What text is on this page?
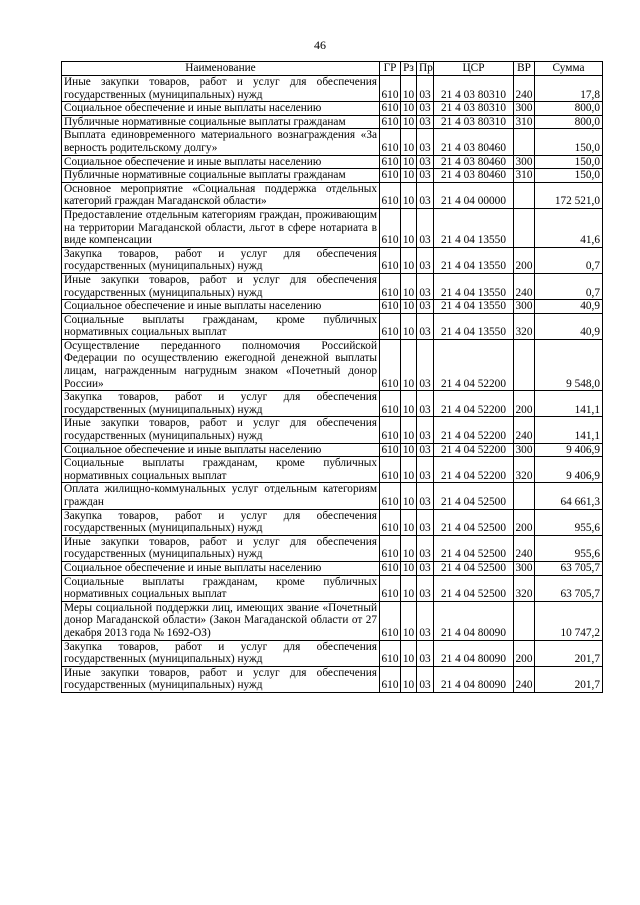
46
Наименование	ГР	Рз	Пр	ЦСР	ВР	Сумма
Иные закупки товаров, работ и услуг для обеспечения государственных (муниципальных) нужд	610	10	03	21 4 03 80310	240	17,8
Социальное обеспечение и иные выплаты населению	610	10	03	21 4 03 80310	300	800,0
Публичные нормативные социальные выплаты гражданам	610	10	03	21 4 03 80310	310	800,0
Выплата единовременного материального вознаграждения «За верность родительскому долгу»	610	10	03	21 4 03 80460		150,0
Социальное обеспечение и иные выплаты населению	610	10	03	21 4 03 80460	300	150,0
Публичные нормативные социальные выплаты гражданам	610	10	03	21 4 03 80460	310	150,0
Основное мероприятие «Социальная поддержка отдельных категорий граждан Магаданской области»	610	10	03	21 4 04 00000		172 521,0
Предоставление отдельным категориям граждан, проживающим на территории Магаданской области, льгот в сфере нотариата в виде компенсации	610	10	03	21 4 04 13550		41,6
Закупка товаров, работ и услуг для обеспечения государственных (муниципальных) нужд	610	10	03	21 4 04 13550	200	0,7
Иные закупки товаров, работ и услуг для обеспечения государственных (муниципальных) нужд	610	10	03	21 4 04 13550	240	0,7
Социальное обеспечение и иные выплаты населению	610	10	03	21 4 04 13550	300	40,9
Социальные выплаты гражданам, кроме публичных нормативных социальных выплат	610	10	03	21 4 04 13550	320	40,9
Осуществление переданного полномочия Российской Федерации по осуществлению ежегодной денежной выплаты лицам, награжденным нагрудным знаком «Почетный донор России»	610	10	03	21 4 04 52200		9 548,0
Закупка товаров, работ и услуг для обеспечения государственных (муниципальных) нужд	610	10	03	21 4 04 52200	200	141,1
Иные закупки товаров, работ и услуг для обеспечения государственных (муниципальных) нужд	610	10	03	21 4 04 52200	240	141,1
Социальное обеспечение и иные выплаты населению	610	10	03	21 4 04 52200	300	9 406,9
Социальные выплаты гражданам, кроме публичных нормативных социальных выплат	610	10	03	21 4 04 52200	320	9 406,9
Оплата жилищно-коммунальных услуг отдельным категориям граждан	610	10	03	21 4 04 52500		64 661,3
Закупка товаров, работ и услуг для обеспечения государственных (муниципальных) нужд	610	10	03	21 4 04 52500	200	955,6
Иные закупки товаров, работ и услуг для обеспечения государственных (муниципальных) нужд	610	10	03	21 4 04 52500	240	955,6
Социальное обеспечение и иные выплаты населению	610	10	03	21 4 04 52500	300	63 705,7
Социальные выплаты гражданам, кроме публичных нормативных социальных выплат	610	10	03	21 4 04 52500	320	63 705,7
Меры социальной поддержки лиц, имеющих звание «Почетный донор Магаданской области» (Закон Магаданской области от 27 декабря 2013 года № 1692-ОЗ)	610	10	03	21 4 04 80090		10 747,2
Закупка товаров, работ и услуг для обеспечения государственных (муниципальных) нужд	610	10	03	21 4 04 80090	200	201,7
Иные закупки товаров, работ и услуг для обеспечения государственных (муниципальных) нужд	610	10	03	21 4 04 80090	240	201,7
